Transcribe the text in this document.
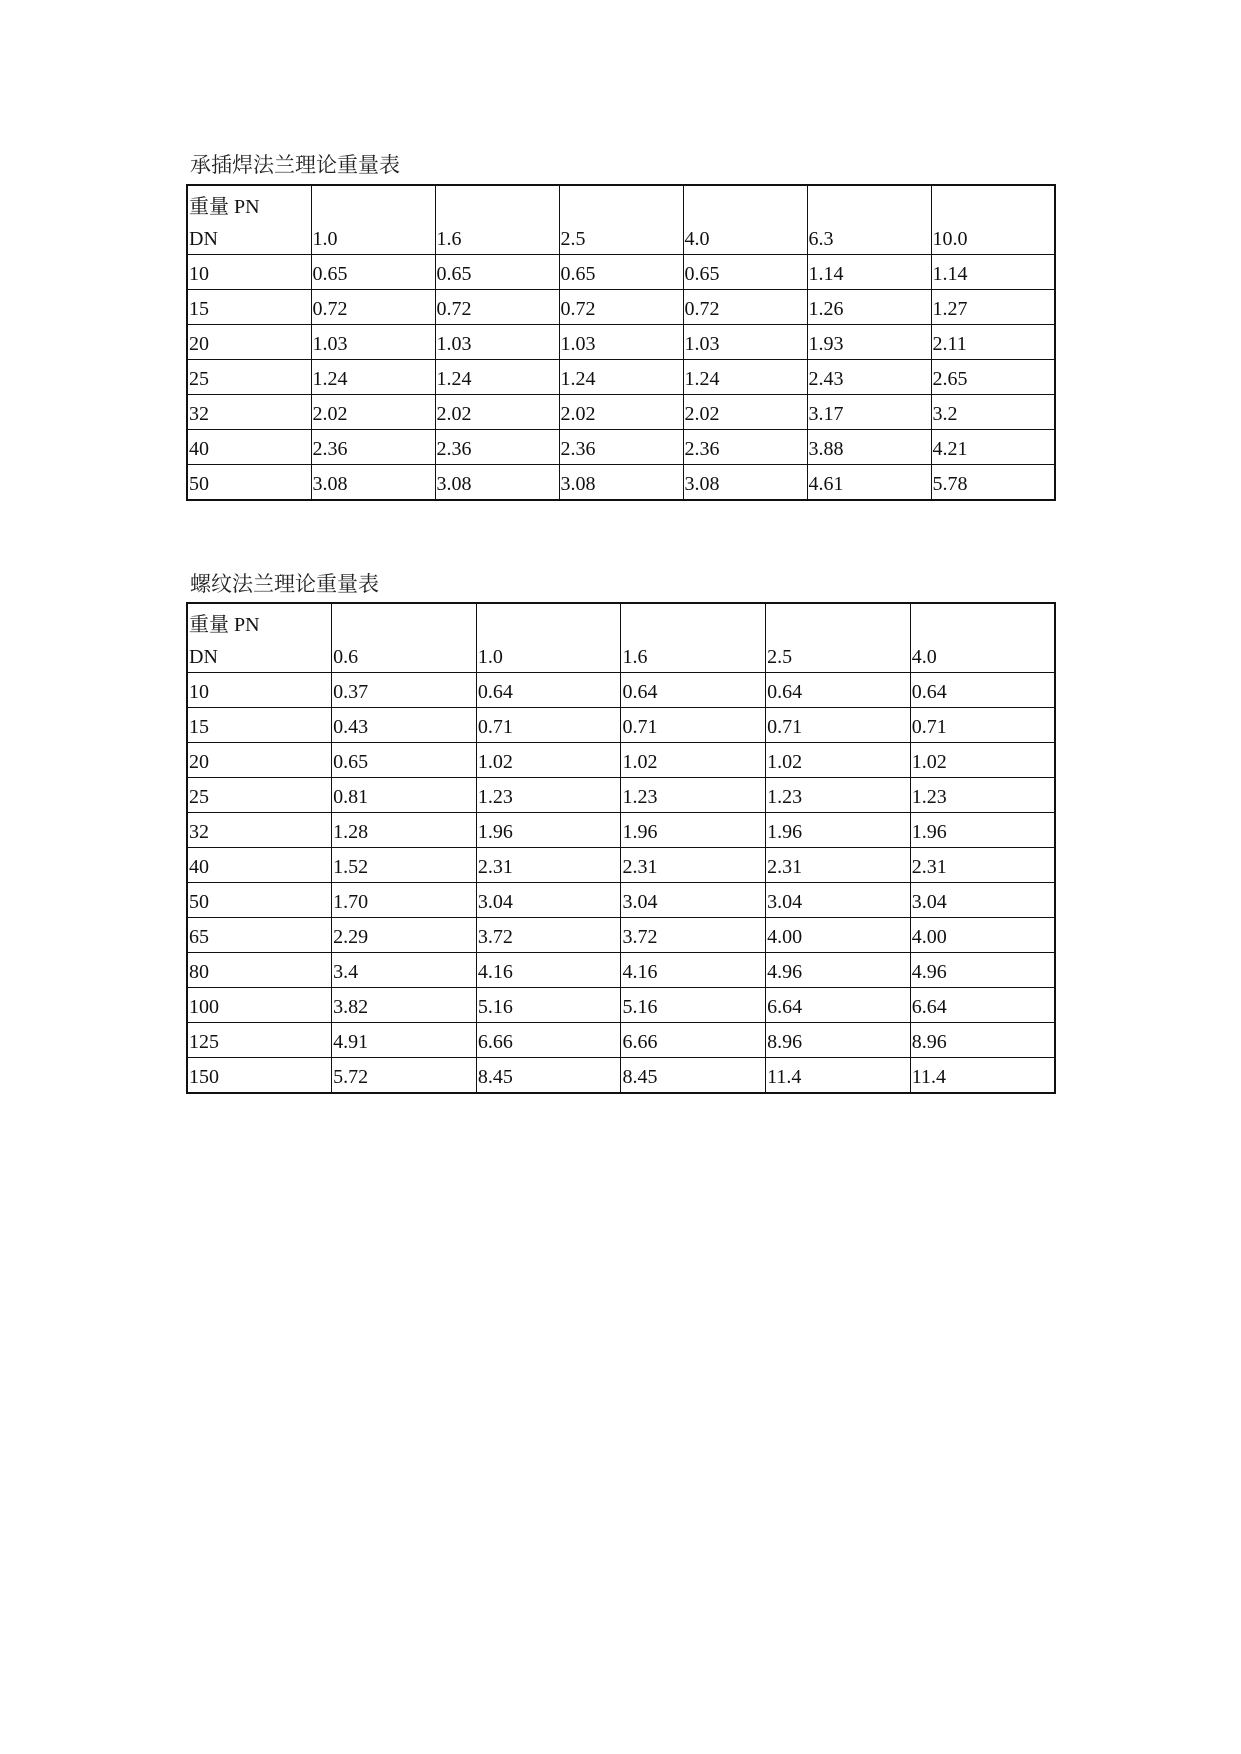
承插焊法兰理论重量表
重量 PN
DN	1.0	1.6	2.5	4.0	6.3	10.0

10	0.65	0.65	0.65	0.65	1.14	1.14

15	0.72	0.72	0.72	0.72	1.26	1.27

20	1.03	1.03	1.03	1.03	1.93	2.11

25	1.24	1.24	1.24	1.24	2.43	2.65

32	2.02	2.02	2.02	2.02	3.17	3.2

40	2.36	2.36	2.36	2.36	3.88	4.21

50	3.08	3.08	3.08	3.08	4.61	5.78
螺纹法兰理论重量表
重量 PN
DN	0.6	1.0	1.6	2.5	4.0

10	0.37	0.64	0.64	0.64	0.64

15	0.43	0.71	0.71	0.71	0.71

20	0.65	1.02	1.02	1.02	1.02

25	0.81	1.23	1.23	1.23	1.23

32	1.28	1.96	1.96	1.96	1.96

40	1.52	2.31	2.31	2.31	2.31

50	1.70	3.04	3.04	3.04	3.04

65	2.29	3.72	3.72	4.00	4.00

80	3.4	4.16	4.16	4.96	4.96

100	3.82	5.16	5.16	6.64	6.64

125	4.91	6.66	6.66	8.96	8.96

150	5.72	8.45	8.45	11.4	11.4
